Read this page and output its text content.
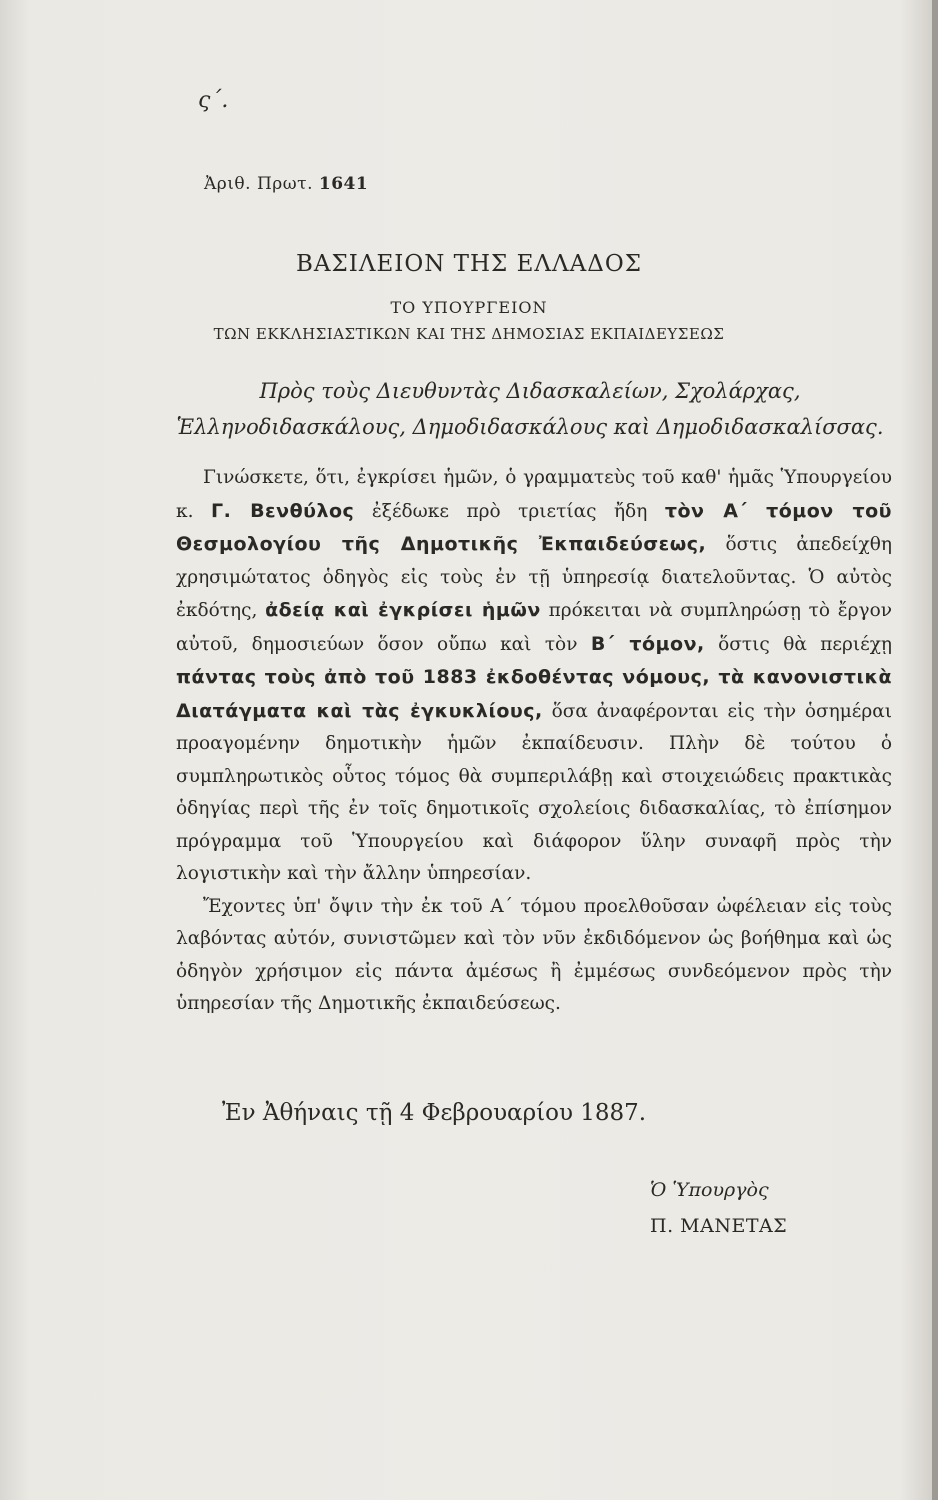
ς΄.
Ἀριθ. Πρωτ. 1641
ΒΑΣΙΛΕΙΟΝ ΤΗΣ ΕΛΛΑΔΟΣ
ΤΟ ΥΠΟΥΡΓΕΙΟΝ
ΤΩΝ ΕΚΚΛΗΣΙΑΣΤΙΚΩΝ ΚΑΙ ΤΗΣ ΔΗΜΟΣΙΑΣ ΕΚΠΑΙΔΕΥΣΕΩΣ
Πρὸς τοὺς Διευθυντὰς Διδασκαλείων, Σχολάρχας, Ἑλληνοδιδασκάλους, Δημοδιδασκάλους καὶ Δημοδιδασκαλίσσας.

Γινώσκετε, ὅτι, ἐγκρίσει ἡμῶν, ὁ γραμματεὺς τοῦ καθ' ἡμᾶς Ὑπουργείου κ. Γ. Βενθύλος ἐξέδωκε πρὸ τριετίας ἤδη τὸν Α΄ τόμον τοῦ Θεσμολογίου τῆς Δημοτικῆς Ἐκπαιδεύσεως, ὅστις ἀπεδείχθη χρησιμώτατος ὁδηγὸς εἰς τοὺς ἐν τῇ ὑπηρεσίᾳ διατελοῦντας. Ὁ αὐτὸς ἐκδότης, ἀδείᾳ καὶ ἐγκρίσει ἡμῶν πρόκειται νὰ συμπληρώσῃ τὸ ἔργον αὐτοῦ, δημοσιεύων ὅσον οὔπω καὶ τὸν Β΄ τόμον, ὅστις θὰ περιέχῃ πάντας τοὺς ἀπὸ τοῦ 1883 ἐκδοθέντας νόμους, τὰ κανονιστικὰ Διατάγματα καὶ τὰς ἐγκυκλίους, ὅσα ἀναφέρονται εἰς τὴν ὁσημέραι προαγομένην δημοτικὴν ἡμῶν ἐκπαίδευσιν. Πλὴν δὲ τούτου ὁ συμπληρωτικὸς οὗτος τόμος θὰ συμπεριλάβῃ καὶ στοιχειώδεις πρακτικὰς ὁδηγίας περὶ τῆς ἐν τοῖς δημοτικοῖς σχολείοις διδασκαλίας, τὸ ἐπίσημον πρόγραμμα τοῦ Ὑπουργείου καὶ διάφορον ὕλην συναφῆ πρὸς τὴν λογιστικὴν καὶ τὴν ἄλλην ὑπηρεσίαν.

Ἔχοντες ὑπ' ὄψιν τὴν ἐκ τοῦ Α΄ τόμου προελθοῦσαν ὠφέλειαν εἰς τοὺς λαβόντας αὐτόν, συνιστῶμεν καὶ τὸν νῦν ἐκδιδόμενον ὡς βοήθημα καὶ ὡς ὁδηγὸν χρήσιμον εἰς πάντα ἀμέσως ἢ ἐμμέσως συνδεόμενον πρὸς τὴν ὑπηρεσίαν τῆς Δημοτικῆς ἐκπαιδεύσεως.

Ἐν Ἀθήναις τῇ 4 Φεβρουαρίου 1887.
Ὁ Ὑπουργὸς
Π. ΜΑΝΕΤΑΣ
